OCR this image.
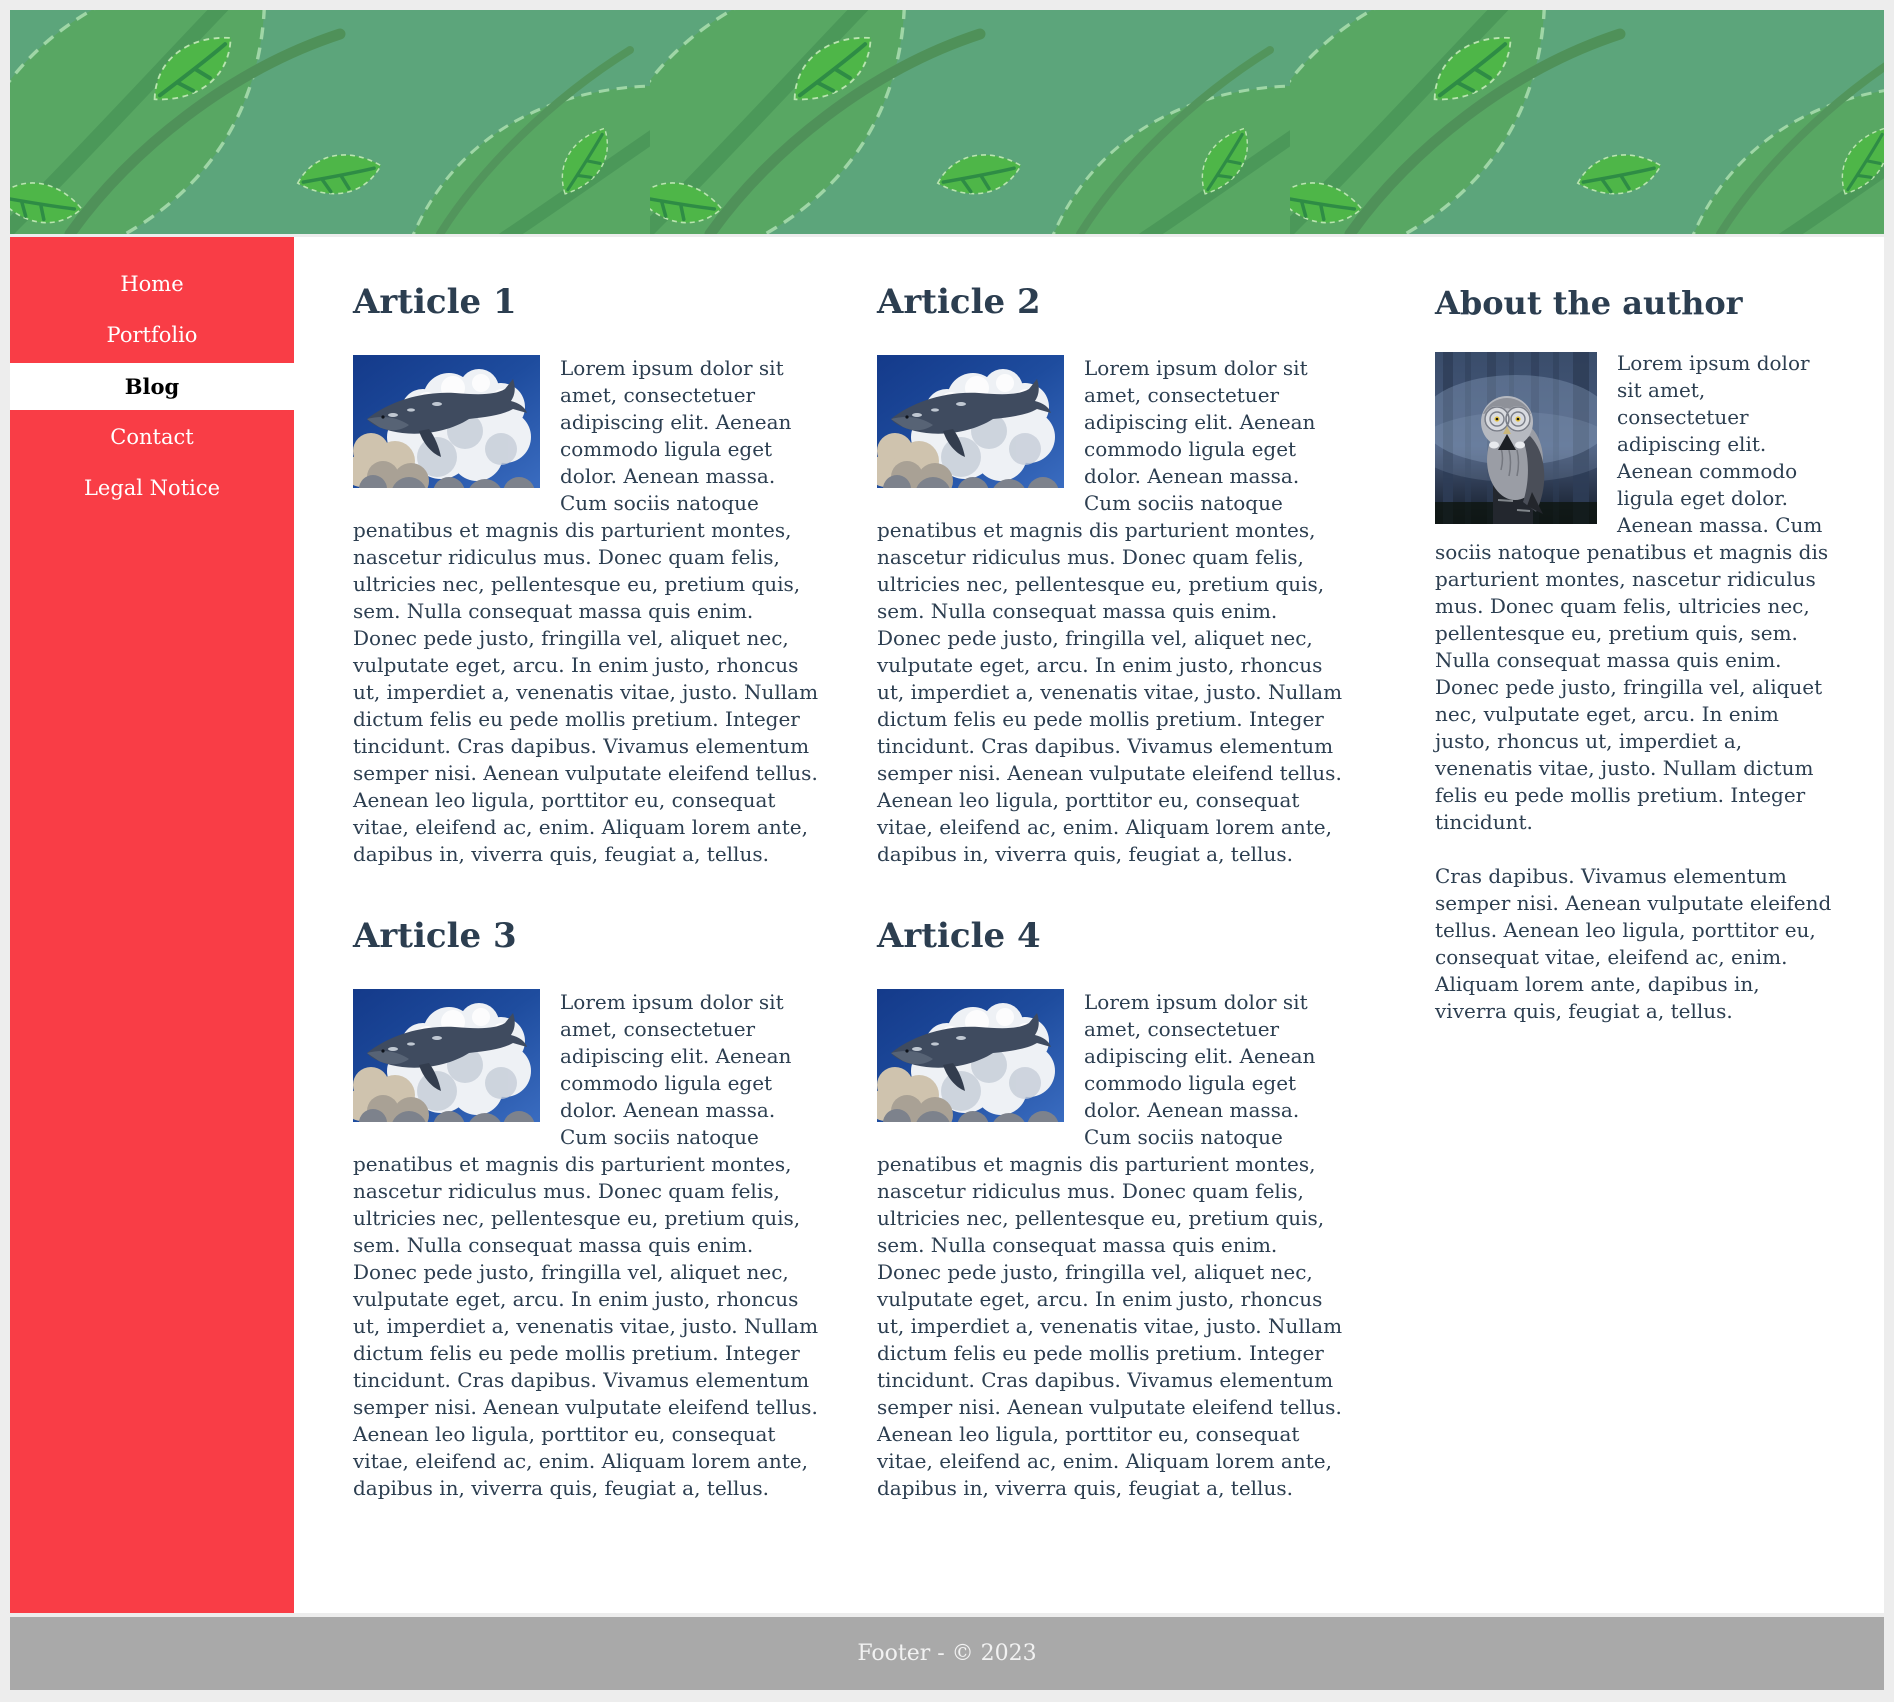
Home
Portfolio
Blog
Contact
Legal Notice
Article 1

Lorem ipsum dolor sit amet, consectetuer adipiscing elit. Aenean commodo ligula eget dolor. Aenean massa. Cum sociis natoque penatibus et magnis dis parturient montes, nascetur ridiculus mus. Donec quam felis, ultricies nec, pellentesque eu, pretium quis, sem. Nulla consequat massa quis enim. Donec pede justo, fringilla vel, aliquet nec, vulputate eget, arcu. In enim justo, rhoncus ut, imperdiet a, venenatis vitae, justo. Nullam dictum felis eu pede mollis pretium. Integer tincidunt. Cras dapibus. Vivamus elementum semper nisi. Aenean vulputate eleifend tellus. Aenean leo ligula, porttitor eu, consequat vitae, eleifend ac, enim. Aliquam lorem ante, dapibus in, viverra quis, feugiat a, tellus.

Article 2

Lorem ipsum dolor sit amet, consectetuer adipiscing elit. Aenean commodo ligula eget dolor. Aenean massa. Cum sociis natoque penatibus et magnis dis parturient montes, nascetur ridiculus mus. Donec quam felis, ultricies nec, pellentesque eu, pretium quis, sem. Nulla consequat massa quis enim. Donec pede justo, fringilla vel, aliquet nec, vulputate eget, arcu. In enim justo, rhoncus ut, imperdiet a, venenatis vitae, justo. Nullam dictum felis eu pede mollis pretium. Integer tincidunt. Cras dapibus. Vivamus elementum semper nisi. Aenean vulputate eleifend tellus. Aenean leo ligula, porttitor eu, consequat vitae, eleifend ac, enim. Aliquam lorem ante, dapibus in, viverra quis, feugiat a, tellus.

Article 3

Lorem ipsum dolor sit amet, consectetuer adipiscing elit. Aenean commodo ligula eget dolor. Aenean massa. Cum sociis natoque penatibus et magnis dis parturient montes, nascetur ridiculus mus. Donec quam felis, ultricies nec, pellentesque eu, pretium quis, sem. Nulla consequat massa quis enim. Donec pede justo, fringilla vel, aliquet nec, vulputate eget, arcu. In enim justo, rhoncus ut, imperdiet a, venenatis vitae, justo. Nullam dictum felis eu pede mollis pretium. Integer tincidunt. Cras dapibus. Vivamus elementum semper nisi. Aenean vulputate eleifend tellus. Aenean leo ligula, porttitor eu, consequat vitae, eleifend ac, enim. Aliquam lorem ante, dapibus in, viverra quis, feugiat a, tellus.

Article 4

Lorem ipsum dolor sit amet, consectetuer adipiscing elit. Aenean commodo ligula eget dolor. Aenean massa. Cum sociis natoque penatibus et magnis dis parturient montes, nascetur ridiculus mus. Donec quam felis, ultricies nec, pellentesque eu, pretium quis, sem. Nulla consequat massa quis enim. Donec pede justo, fringilla vel, aliquet nec, vulputate eget, arcu. In enim justo, rhoncus ut, imperdiet a, venenatis vitae, justo. Nullam dictum felis eu pede mollis pretium. Integer tincidunt. Cras dapibus. Vivamus elementum semper nisi. Aenean vulputate eleifend tellus. Aenean leo ligula, porttitor eu, consequat vitae, eleifend ac, enim. Aliquam lorem ante, dapibus in, viverra quis, feugiat a, tellus.

About the author

Lorem ipsum dolor sit amet, consectetuer adipiscing elit. Aenean commodo ligula eget dolor. Aenean massa. Cum sociis natoque penatibus et magnis dis parturient montes, nascetur ridiculus mus. Donec quam felis, ultricies nec, pellentesque eu, pretium quis, sem. Nulla consequat massa quis enim. Donec pede justo, fringilla vel, aliquet nec, vulputate eget, arcu. In enim justo, rhoncus ut, imperdiet a, venenatis vitae, justo. Nullam dictum felis eu pede mollis pretium. Integer tincidunt.

Cras dapibus. Vivamus elementum semper nisi. Aenean vulputate eleifend tellus. Aenean leo ligula, porttitor eu, consequat vitae, eleifend ac, enim. Aliquam lorem ante, dapibus in, viverra quis, feugiat a, tellus.

Footer - © 2023
